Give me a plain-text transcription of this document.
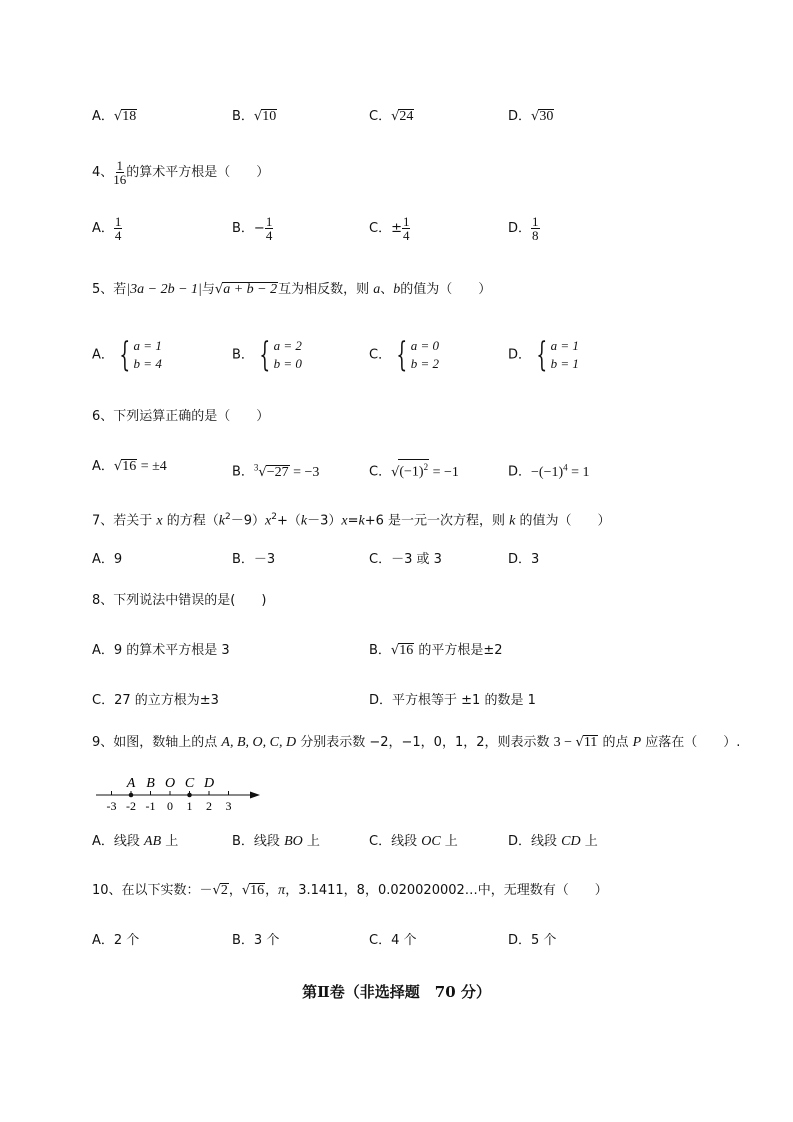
A．√18	B．√10	C．√24	D．√30
4、 $\frac{1}{16}$ 的算术平方根是（　　）
A． $\frac{1}{4}$	B．− $\frac{1}{4}$	C．± $\frac{1}{4}$	D． $\frac{1}{8}$
5、若|3a − 2b − 1|与√a + b − 2互为相反数，则 a、b的值为（　　）
A． { a = 1
b = 4
B． { a = 2
b = 0
C． { a = 0
b = 2
D． { a = 1
b = 1
6、下列运算正确的是（　　）
A．√16 = ±4	B．$^3$√−27 = −3	C．$√(-1)^2 = -1$	D．$-(-1)^4 = 1$
7、若关于 x 的方程$(k^2-9)x^2+(k-3)x=k+6$ 是一元一次方程，则 k 的值为（　　）
A．9	B．－3	C．－3 或 3	D．3
8、下列说法中错误的是(　　)
A．9 的算术平方根是 3	B．√16 的平方根是±2
C．27 的立方根为±3	D．平方根等于 ±1 的数是 1
9、如图，数轴上的点 A, B, O, C, D 分别表示数 −2，−1，0，1，2，则表示数 3 − √11 的点 P 应落在（　　）.
-3 -2 -1 0 1 2 3
A B O C D
A．线段 AB 上	B．线段 BO 上	C．线段 OC 上	D．线段 CD 上
10、在以下实数：－√2，√16，π，3.1411，8，0.020020002…中，无理数有（　　）
A．2 个	B．3 个	C．4 个	D．5 个
第Ⅱ卷（非选择题　70 分）
